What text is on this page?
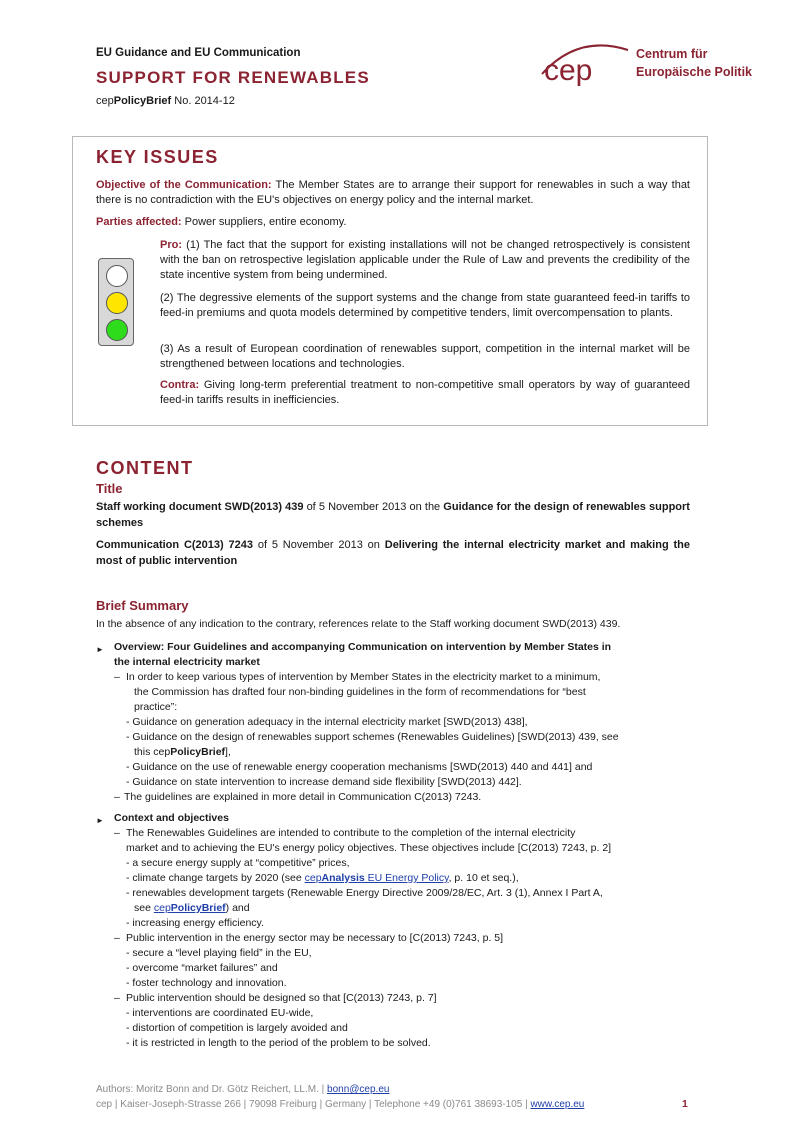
EU Guidance and EU Communication
SUPPORT FOR RENEWABLES
cepPolicyBrief No. 2014-12
cep	Centrum für
Europäische Politik
KEY ISSUES
Objective of the Communication: The Member States are to arrange their support for renewables in such a way that there is no contradiction with the EU's objectives on energy policy and the internal market.
Parties affected: Power suppliers, entire economy.
Pro: (1) The fact that the support for existing installations will not be changed retrospectively is consistent with the ban on retrospective legislation applicable under the Rule of Law and prevents the credibility of the state incentive system from being undermined.
(2) The degressive elements of the support systems and the change from state guaranteed feed-in tariffs to feed-in premiums and quota models determined by competitive tenders, limit overcompensation to plants.
(3) As a result of European coordination of renewables support, competition in the internal market will be strengthened between locations and technologies.
Contra: Giving long-term preferential treatment to non-competitive small operators by way of guaranteed feed-in tariffs results in inefficiencies.
CONTENT
Title
Staff working document SWD(2013) 439 of 5 November 2013 on the Guidance for the design of renewables support schemes
Communication C(2013) 7243 of 5 November 2013 on Delivering the internal electricity market and making the most of public intervention
Brief Summary
In the absence of any indication to the contrary, references relate to the Staff working document SWD(2013) 439.
► Overview: Four Guidelines and accompanying Communication on intervention by Member States in
the internal electricity market
– In order to keep various types of intervention by Member States in the electricity market to a minimum,
the Commission has drafted four non-binding guidelines in the form of recommendations for “best
practice”:
- Guidance on generation adequacy in the internal electricity market [SWD(2013) 438],
- Guidance on the design of renewables support schemes (Renewables Guidelines) [SWD(2013) 439, see
this cepPolicyBrief],
- Guidance on the use of renewable energy cooperation mechanisms [SWD(2013) 440 and 441] and
- Guidance on state intervention to increase demand side flexibility [SWD(2013) 442].
– The guidelines are explained in more detail in Communication C(2013) 7243.
► Context and objectives
– The Renewables Guidelines are intended to contribute to the completion of the internal electricity
market and to achieving the EU's energy policy objectives. These objectives include [C(2013) 7243, p. 2]
- a secure energy supply at “competitive” prices,
- climate change targets by 2020 (see cepAnalysis EU Energy Policy, p. 10 et seq.),
- renewables development targets (Renewable Energy Directive 2009/28/EC, Art. 3 (1), Annex I Part A,
see cepPolicyBrief) and
- increasing energy efficiency.
– Public intervention in the energy sector may be necessary to [C(2013) 7243, p. 5]
- secure a “level playing field” in the EU,
- overcome “market failures” and
- foster technology and innovation.
– Public intervention should be designed so that [C(2013) 7243, p. 7]
- interventions are coordinated EU-wide,
- distortion of competition is largely avoided and
- it is restricted in length to the period of the problem to be solved.
Authors: Moritz Bonn and Dr. Götz Reichert, LL.M. | bonn@cep.eu
cep | Kaiser-Joseph-Strasse 266 | 79098 Freiburg | Germany | Telephone +49 (0)761 38693-105 | www.cep.eu	1
